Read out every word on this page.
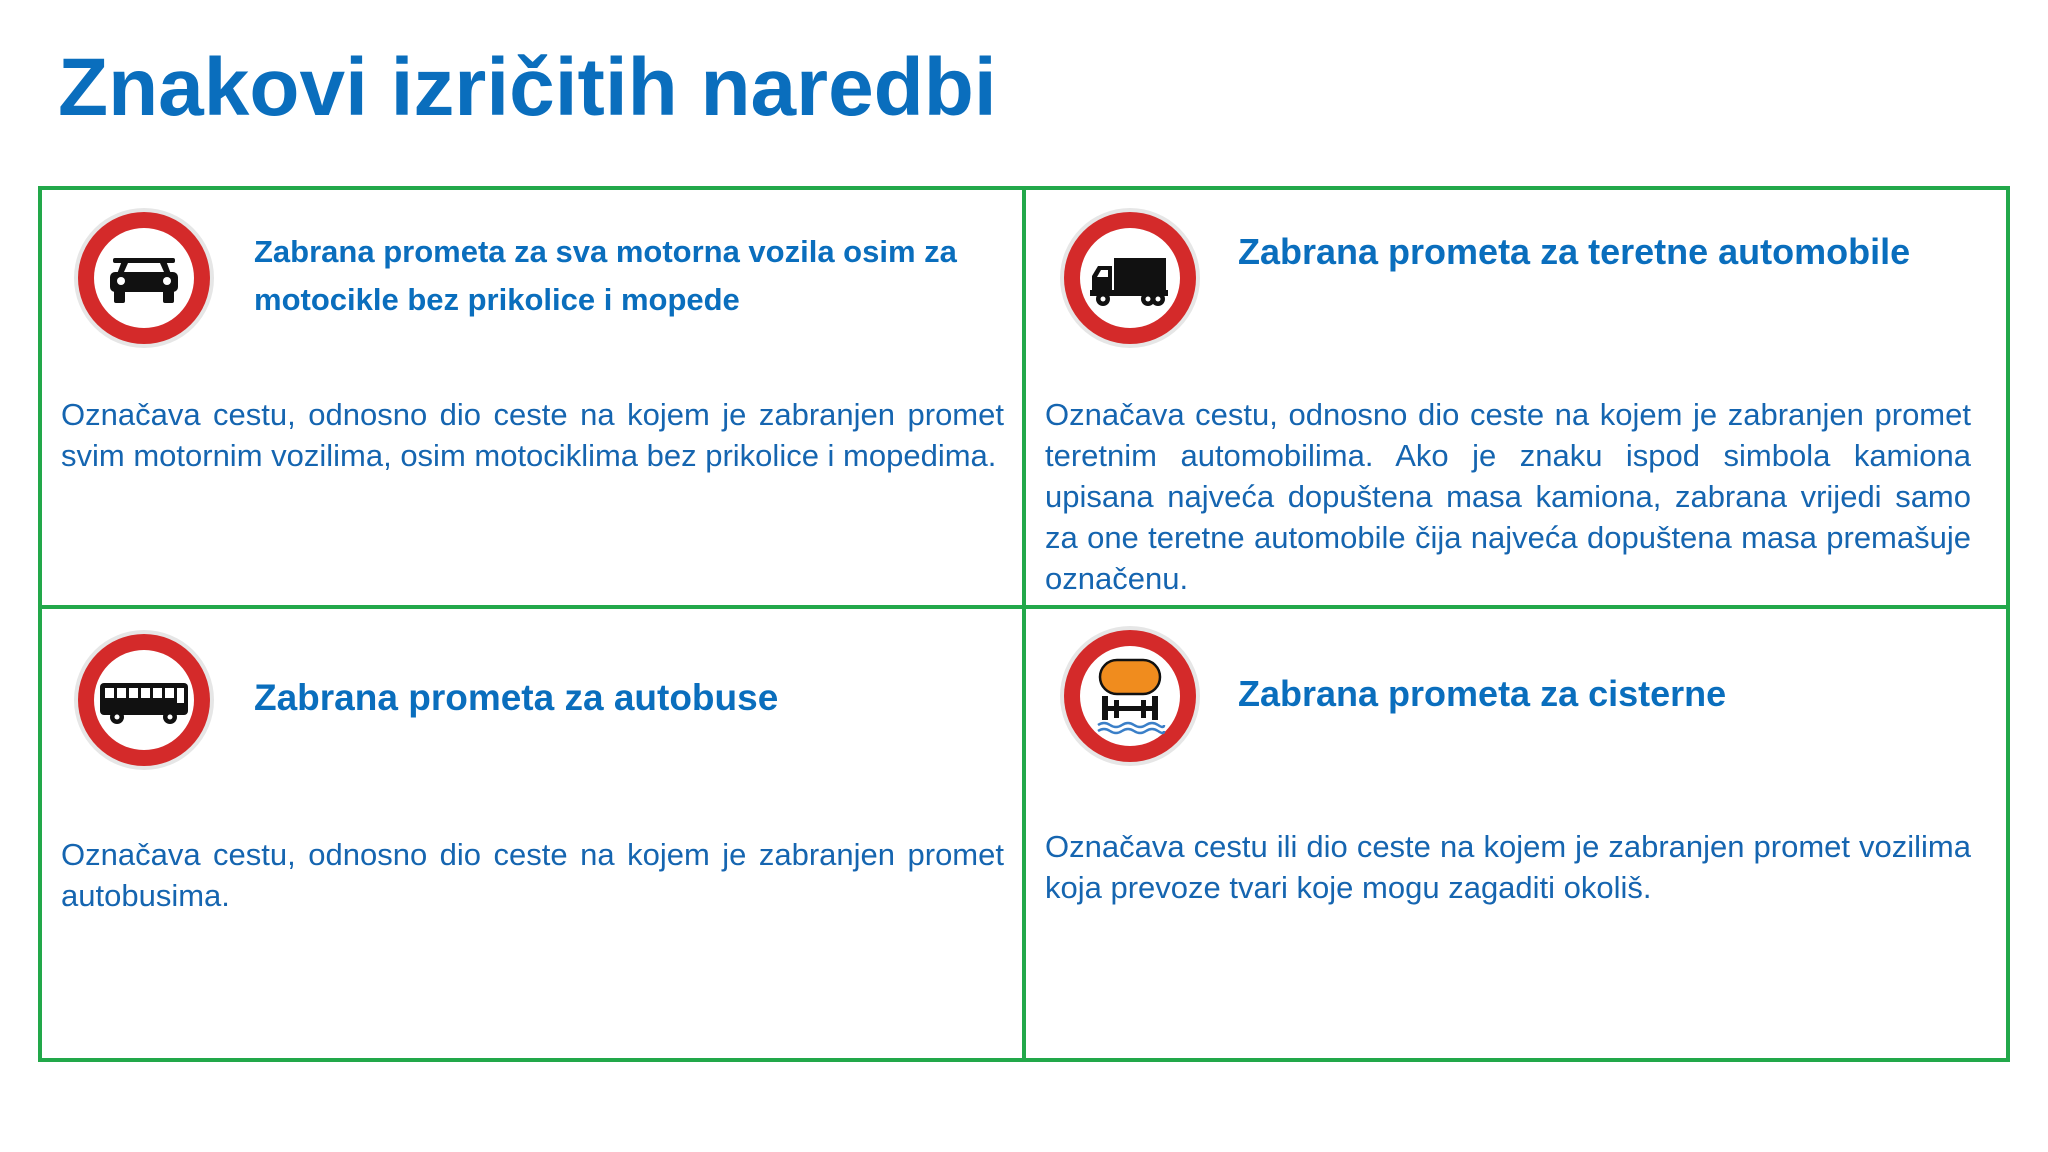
Znakovi izričitih naredbi

Zabrana prometa za sva motorna vozila osim za motocikle bez prikolice i mopede

Označava cestu, odnosno dio ceste na kojem je zabranjen promet svim motornim vozilima, osim motociklima bez prikolice i mopedima.

Zabrana prometa za teretne automobile

Označava cestu, odnosno dio ceste na kojem je zabranjen promet teretnim automobilima. Ako je znaku ispod simbola kamiona upisana najveća dopuštena masa kamiona, zabrana vrijedi samo za one teretne automobile čija najveća dopuštena masa premašuje označenu.

Zabrana prometa za autobuse

Označava cestu, odnosno dio ceste na kojem je zabranjen promet autobusima.

Zabrana prometa za cisterne

Označava cestu ili dio ceste na kojem je zabranjen promet vozilima koja prevoze tvari koje mogu zagaditi okoliš.
